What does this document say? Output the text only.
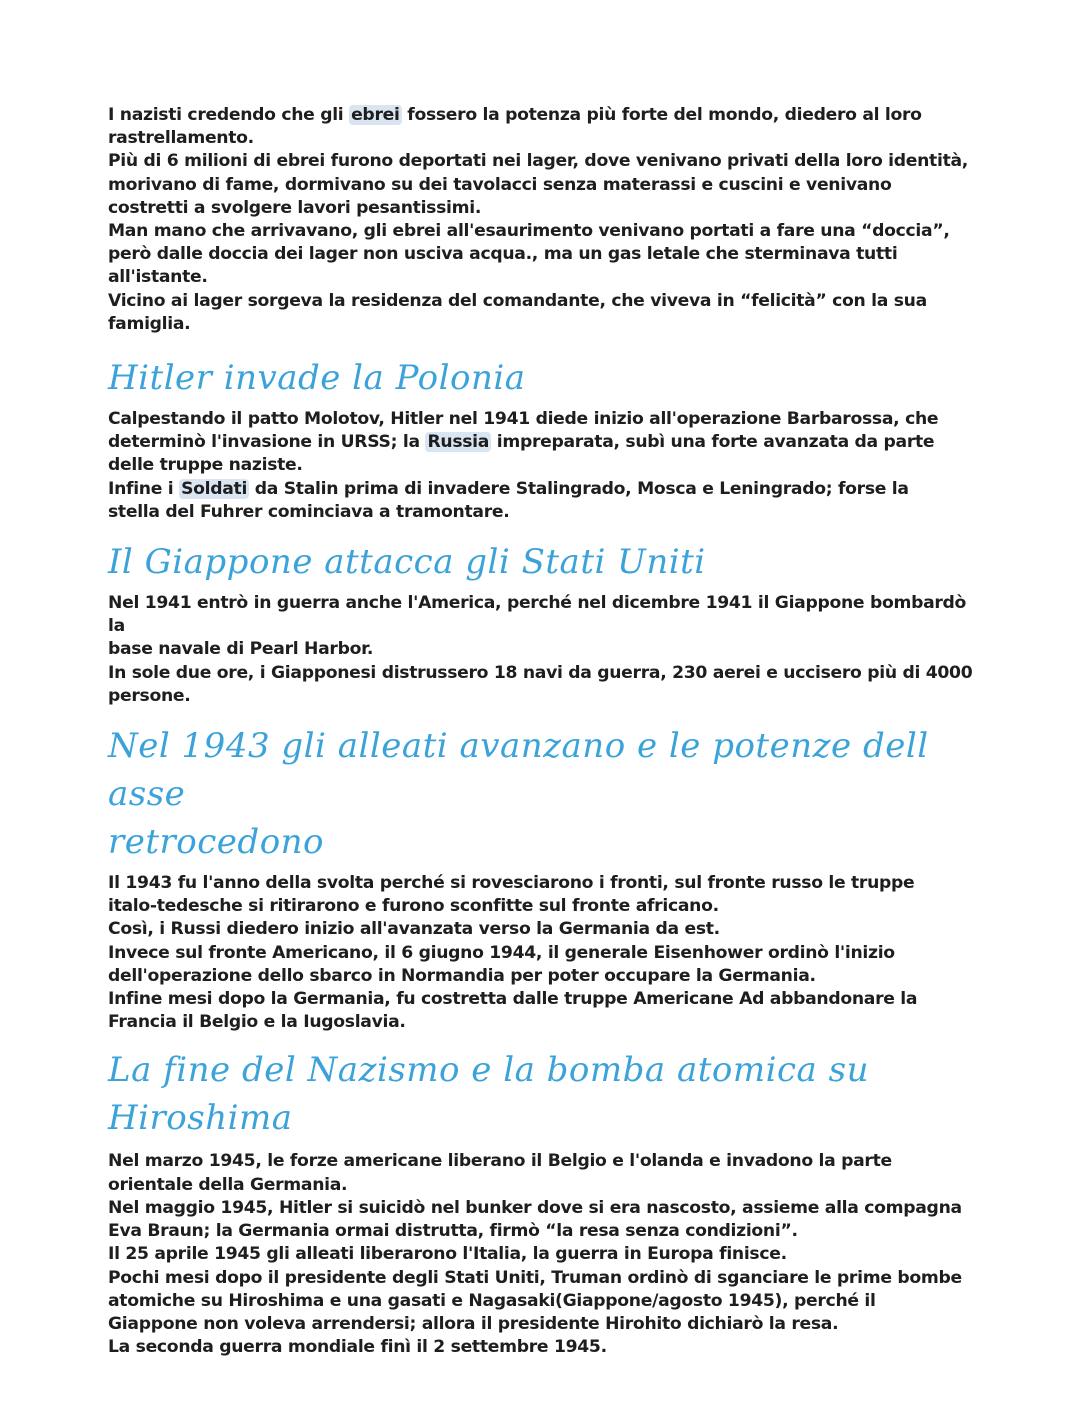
I nazisti credendo che gli ebrei fossero la potenza più forte del mondo, diedero al loro
rastrellamento.
Più di 6 milioni di ebrei furono deportati nei lager, dove venivano privati della loro identità,
morivano di fame, dormivano su dei tavolacci senza materassi e cuscini e venivano
costretti a svolgere lavori pesantissimi.
Man mano che arrivavano, gli ebrei all'esaurimento venivano portati a fare una “doccia”,
però dalle doccia dei lager non usciva acqua., ma un gas letale che sterminava tutti
all'istante.
Vicino ai lager sorgeva la residenza del comandante, che viveva in “felicità” con la sua
famiglia.
Hitler invade la Polonia
Calpestando il patto Molotov, Hitler nel 1941 diede inizio all'operazione Barbarossa, che
determinò l'invasione in URSS; la Russia impreparata, subì una forte avanzata da parte
delle truppe naziste.
Infine i Soldati da Stalin prima di invadere Stalingrado, Mosca e Leningrado; forse la
stella del Fuhrer cominciava a tramontare.
Il Giappone attacca gli Stati Uniti
Nel 1941 entrò in guerra anche l'America, perché nel dicembre 1941 il Giappone bombardò la
base navale di Pearl Harbor.
In sole due ore, i Giapponesi distrussero 18 navi da guerra, 230 aerei e uccisero più di 4000
persone.
Nel 1943 gli alleati avanzano e le potenze dell asse
retrocedono
Il 1943 fu l'anno della svolta perché si rovesciarono i fronti, sul fronte russo le truppe
italo-tedesche si ritirarono e furono sconfitte sul fronte africano.
Così, i Russi diedero inizio all'avanzata verso la Germania da est.
Invece sul fronte Americano, il 6 giugno 1944, il generale Eisenhower ordinò l'inizio
dell'operazione dello sbarco in Normandia per poter occupare la Germania.
Infine mesi dopo la Germania, fu costretta dalle truppe Americane Ad abbandonare la
Francia il Belgio e la Iugoslavia.
La fine del Nazismo e la bomba atomica su Hiroshima
Nel marzo 1945, le forze americane liberano il Belgio e l'olanda e invadono la parte
orientale della Germania.
Nel maggio 1945, Hitler si suicidò nel bunker dove si era nascosto, assieme alla compagna
Eva Braun; la Germania ormai distrutta, firmò “la resa senza condizioni”.
Il 25 aprile 1945 gli alleati liberarono l'Italia, la guerra in Europa finisce.
Pochi mesi dopo il presidente degli Stati Uniti, Truman ordinò di sganciare le prime bombe
atomiche su Hiroshima e una gasati e Nagasaki(Giappone/agosto 1945), perché il
Giappone non voleva arrendersi; allora il presidente Hirohito dichiarò la resa.
La seconda guerra mondiale finì il 2 settembre 1945.
